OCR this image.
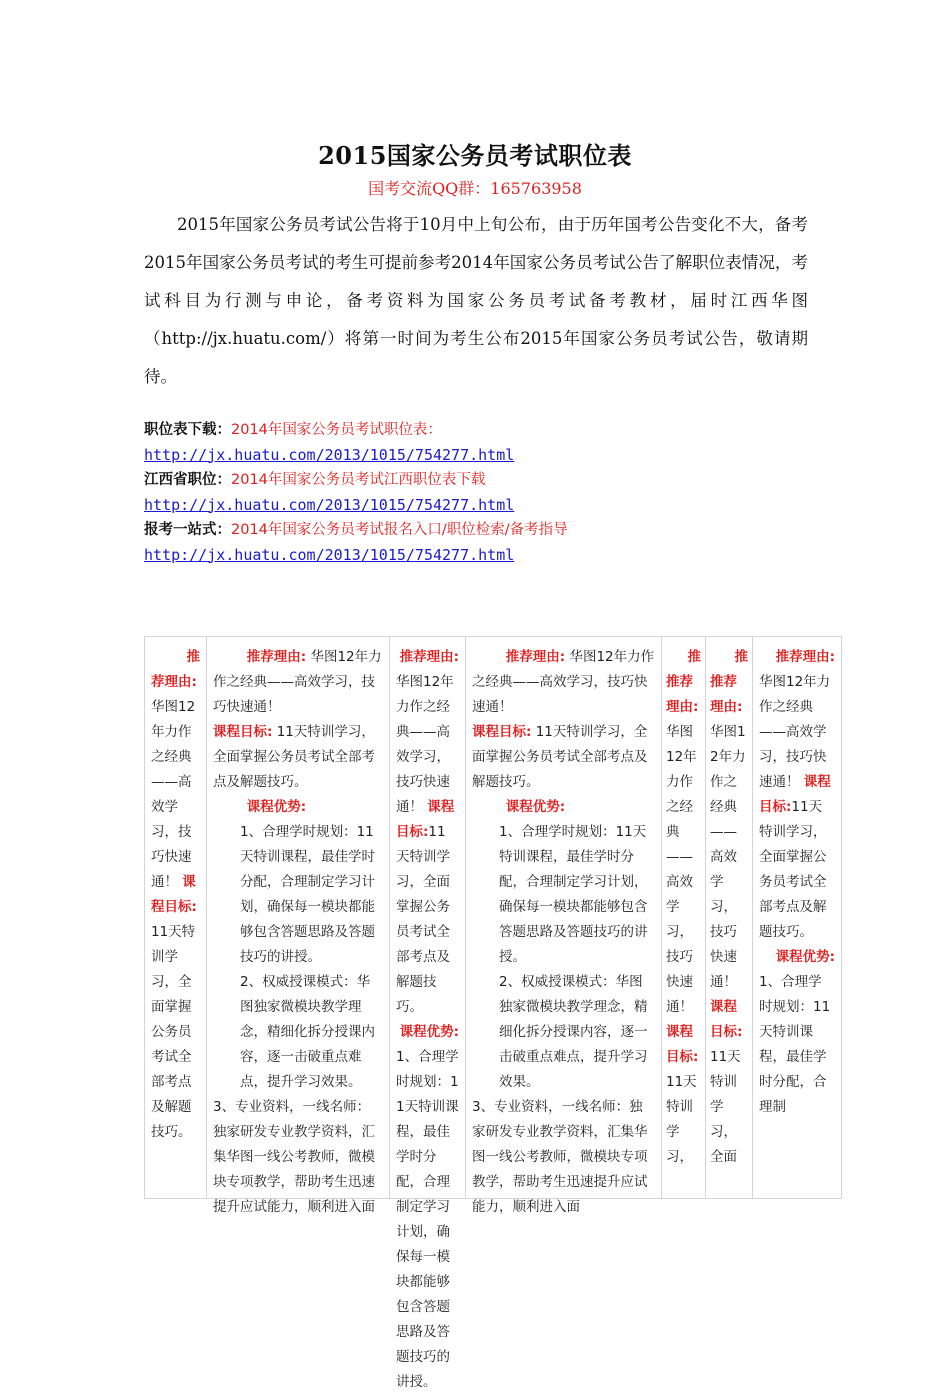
2015国家公务员考试职位表
国考交流QQ群：165763958
2015年国家公务员考试公告将于10月中上旬公布，由于历年国考公告变化不大，备考2015年国家公务员考试的考生可提前参考2014年国家公务员考试公告了解职位表情况，考试科目为行测与申论，备考资料为国家公务员考试备考教材，届时江西华图（http://jx.huatu.com/）将第一时间为考生公布2015年国家公务员考试公告，敬请期待。
职位表下载：2014年国家公务员考试职位表：
http://jx.huatu.com/2013/1015/754277.html
江西省职位：2014年国家公务员考试江西职位表下载
http://jx.huatu.com/2013/1015/754277.html
报考一站式：2014年国家公务员考试报名入口/职位检索/备考指导
http://jx.huatu.com/2013/1015/754277.html
推
荐理由:华图12年力作之经典——高效学习，技巧快速通！ 课程目标:11天特训学习，全面掌握公务员考试全部考点及解题技巧。
推荐理由: 华图12年力作之经典——高效学习，技巧快速通！
课程目标: 11天特训学习，全面掌握公务员考试全部考点及解题技巧。
课程优势:
1、合理学时规划：11天特训课程，最佳学时分配，合理制定学习计划，确保每一模块都能够包含答题思路及答题技巧的讲授。
2、权威授课模式：华图独家微模块教学理念，精细化拆分授课内容，逐一击破重点难点，提升学习效果。
3、专业资料，一线名师：独家研发专业教学资料，汇集华图一线公考教师，微模块专项教学，帮助考生迅速提升应试能力，顺利进入面
推荐理由:
华图12年力作之经典——高效学习，技巧快速通！ 课程目标:11天特训学习，全面掌握公务员考试全部考点及解题技巧。
课程优势:
1、合理学时规划：11天特训课程，最佳学时分配，合理制定学习计划，确保每一模块都能够包含答题思路及答题技巧的讲授。
推荐理由: 华图12年力作之经典——高效学习，技巧快速通！
课程目标: 11天特训学习，全面掌握公务员考试全部考点及解题技巧。
课程优势:
1、合理学时规划：11天特训课程，最佳学时分配，合理制定学习计划，确保每一模块都能够包含答题思路及答题技巧的讲授。
2、权威授课模式：华图独家微模块教学理念，精细化拆分授课内容，逐一击破重点难点，提升学习效果。
3、专业资料，一线名师：独家研发专业教学资料，汇集华图一线公考教师，微模块专项教学，帮助考生迅速提升应试能力，顺利进入面
推
推荐理由:华图12年力作之经典——高效学习，技巧快速通！ 课程目标:11天特训学习，
推
推荐理由:华图12年力作之经典——高效学习，技巧快速通！ 课程目标:11天特训学习，全面
推荐理由:
华图12年力作之经典——高效学习，技巧快速通！ 课程目标:11天特训学习，全面掌握公务员考试全部考点及解题技巧。
课程优势:
1、合理学时规划：11天特训课程，最佳学时分配，合理制
